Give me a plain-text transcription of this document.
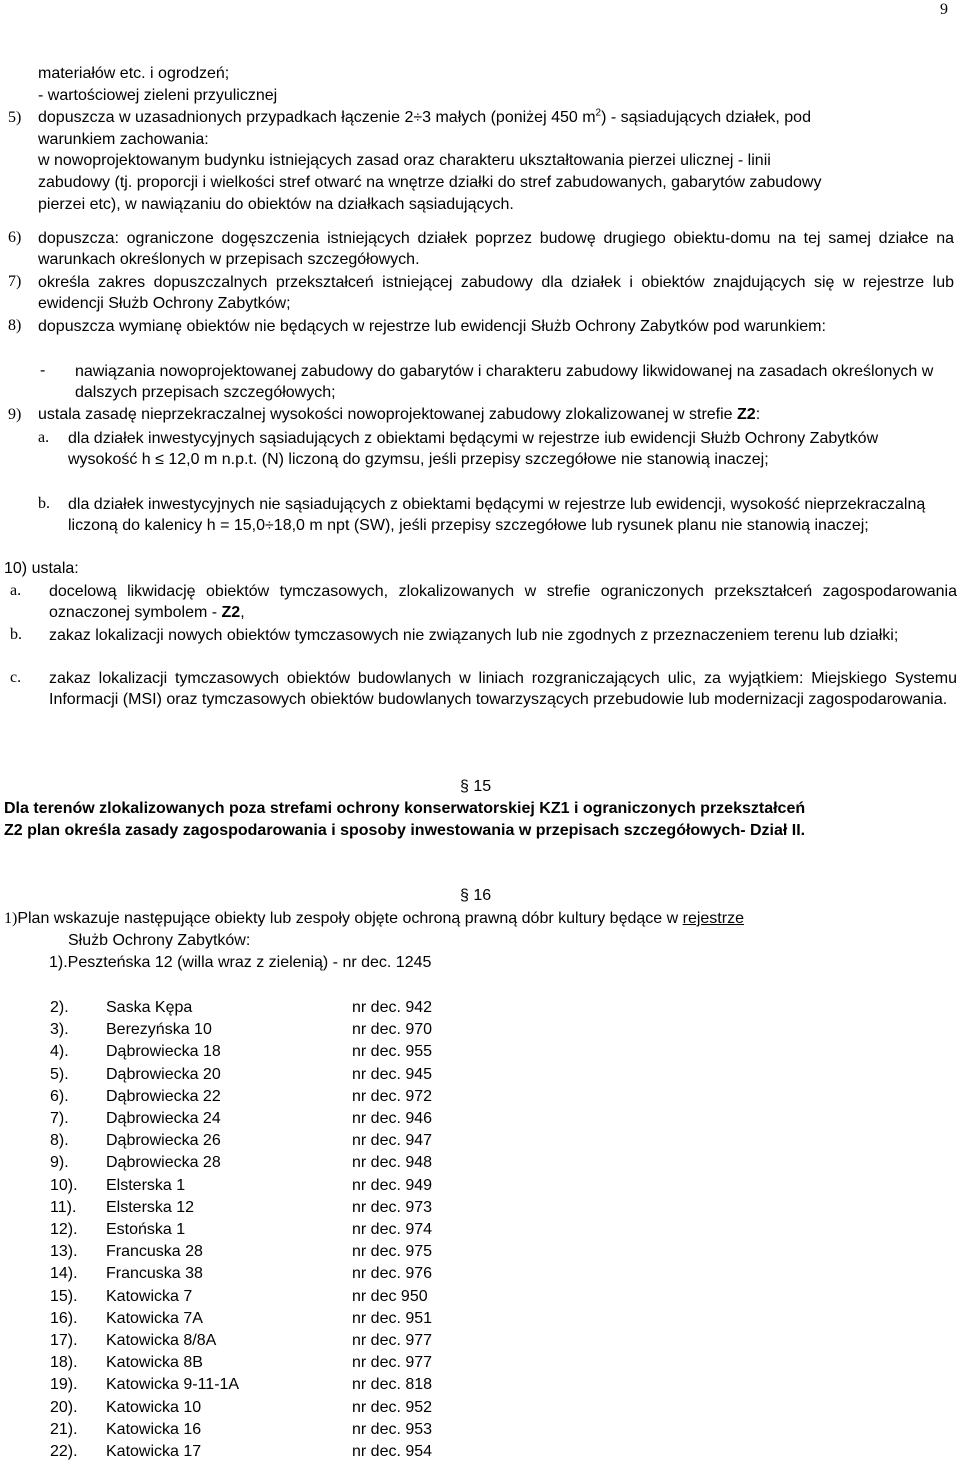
9
materiałów etc. i ogrodzeń;
- wartościowej zieleni przyulicznej
5) dopuszcza w uzasadnionych przypadkach łączenie 2÷3 małych (poniżej 450 $m^2$) - sąsiadujących działek, pod
warunkiem zachowania:
w nowoprojektowanym budynku istniejących zasad oraz charakteru ukształtowania pierzei ulicznej - linii
zabudowy (tj. proporcji i wielkości stref otwarć na wnętrze działki do stref zabudowanych, gabarytów zabudowy
pierzei etc), w nawiązaniu do obiektów na działkach sąsiadujących.
6) dopuszcza: ograniczone dogęszczenia istniejących działek poprzez budowę drugiego obiektu-domu na tej samej działce na warunkach określonych w przepisach szczegółowych.
7) określa zakres dopuszczalnych przekształceń istniejącej zabudowy dla działek i obiektów znajdujących się w rejestrze lub ewidencji Służb Ochrony Zabytków;
8) dopuszcza wymianę obiektów nie będących w rejestrze lub ewidencji Służb Ochrony Zabytków pod warunkiem:
- nawiązania nowoprojektowanej zabudowy do gabarytów i charakteru zabudowy likwidowanej na zasadach określonych w dalszych przepisach szczegółowych;
9) ustala zasadę nieprzekraczalnej wysokości nowoprojektowanej zabudowy zlokalizowanej w strefie Z2:
a. dla działek inwestycyjnych sąsiadujących z obiektami będącymi w rejestrze iub ewidencji Służb Ochrony Zabytków wysokość h ≤ 12,0 m n.p.t. (N) liczoną do gzymsu, jeśli przepisy szczegółowe nie stanowią inaczej;
b. dla działek inwestycyjnych nie sąsiadujących z obiektami będącymi w rejestrze lub ewidencji, wysokość nieprzekraczalną liczoną do kalenicy h = 15,0÷18,0 m npt (SW), jeśli przepisy szczegółowe lub rysunek planu nie stanowią inaczej;
10) ustala:
a. docelową likwidację obiektów tymczasowych, zlokalizowanych w strefie ograniczonych przekształceń zagospodarowania oznaczonej symbolem - Z2,
b. zakaz lokalizacji nowych obiektów tymczasowych nie związanych lub nie zgodnych z przeznaczeniem terenu lub działki;
c. zakaz lokalizacji tymczasowych obiektów budowlanych w liniach rozgraniczających ulic, za wyjątkiem: Miejskiego Systemu Informacji (MSI) oraz tymczasowych obiektów budowlanych towarzyszących przebudowie lub modernizacji zagospodarowania.
§ 15
Dla terenów zlokalizowanych poza strefami ochrony konserwatorskiej KZ1 i ograniczonych przekształceń
Z2 plan określa zasady zagospodarowania i sposoby inwestowania w przepisach szczegółowych- Dział II.
§ 16
1)Plan wskazuje następujące obiekty lub zespoły objęte ochroną prawną dóbr kultury będące w rejestrze
Służb Ochrony Zabytków:
1).Peszteńska 12 (willa wraz z zielenią) - nr dec. 1245
2). Saska Kępa	nr dec. 942
3). Berezyńska 10	nr dec. 970
4). Dąbrowiecka 18	nr dec. 955
5). Dąbrowiecka 20	nr dec. 945
6). Dąbrowiecka 22	nr dec. 972
7). Dąbrowiecka 24	nr dec. 946
8). Dąbrowiecka 26	nr dec. 947
9). Dąbrowiecka 28	nr dec. 948
10). Elsterska 1	nr dec. 949
11). Elsterska 12	nr dec. 973
12). Estońska 1	nr dec. 974
13). Francuska 28	nr dec. 975
14). Francuska 38	nr dec. 976
15). Katowicka 7	nr dec 950
16). Katowicka 7A	nr dec. 951
17). Katowicka 8/8A	nr dec. 977
18). Katowicka 8B	nr dec. 977
19). Katowicka 9-11-1A	nr dec. 818
20). Katowicka 10	nr dec. 952
21). Katowicka 16	nr dec. 953
22). Katowicka 17	nr dec. 954
